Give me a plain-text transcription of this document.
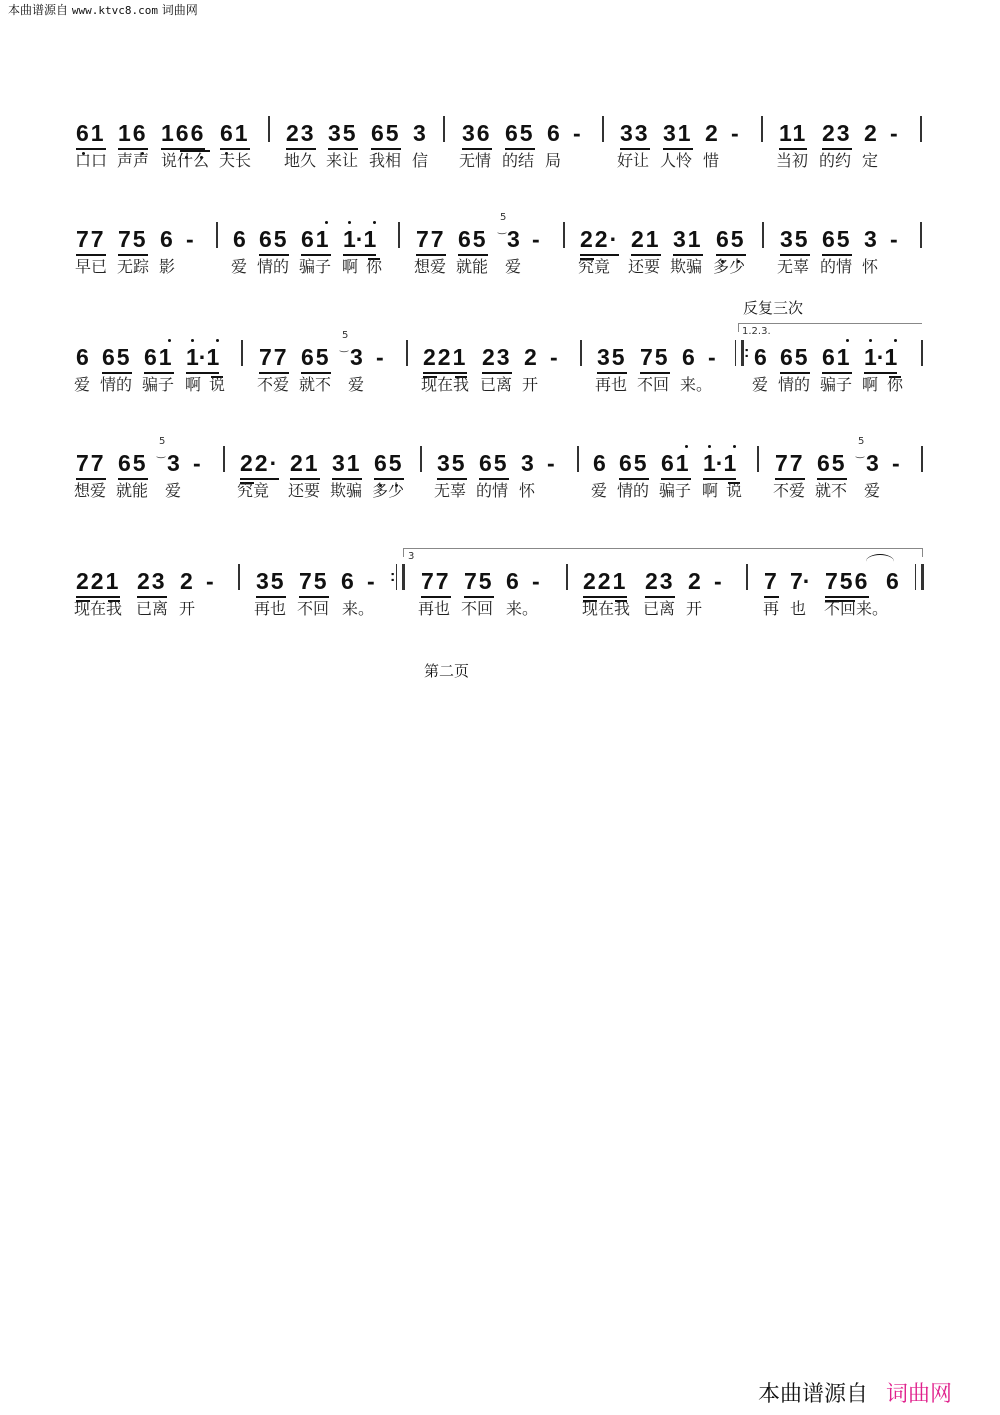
本曲谱源自 www.ktvc8.com 词曲网
61 16 166 61 23 35 65 3 36 65 6 - 33 31 2 - 11 23 2 -
口口 声声 说什么 天长 地久 来让 我相 信 无情 的结 局	好让 人怜 惜	当初 的约 定
77 75 6 - 6 65 61 1·1 77 65
5
‿ 3 - 22· 21 31 65 35 65 3 -
早已 无踪 影	爱 情的 骗子 啊 你 想爱 就能 爱	究竟 还要 欺骗 多少 无辜 的情 怀
反复三次
1.2.3.
6 65 61 1·1 77 65
5
‿ 3 - 221 23 2 - 35 75 6 - : 6 65 61 1·1
爱 情的 骗子 啊 说 不爱 就不 爱	现在我 已离 开	再也 不回 来。 爱 情的 骗子 啊 你
77 65
5
‿ 3 - 22· 21 31 65 35 65 3 - 6 65 61 1·1 77 65
5
‿ 3 -
想爱 就能 爱	究竟 还要 欺骗 多少 无辜 的情 怀	爱 情的 骗子 啊 说 不爱 就不 爱
3
221 23 2 - 35 75 6 - : 77 75 6 - 221 23 2 - 7 7· 756 6
现在我 已离 开	再也 不回 来。	再也 不回 来。	现在我 已离 开	再 也 不回来。
第二页
本曲谱源自 词曲网
